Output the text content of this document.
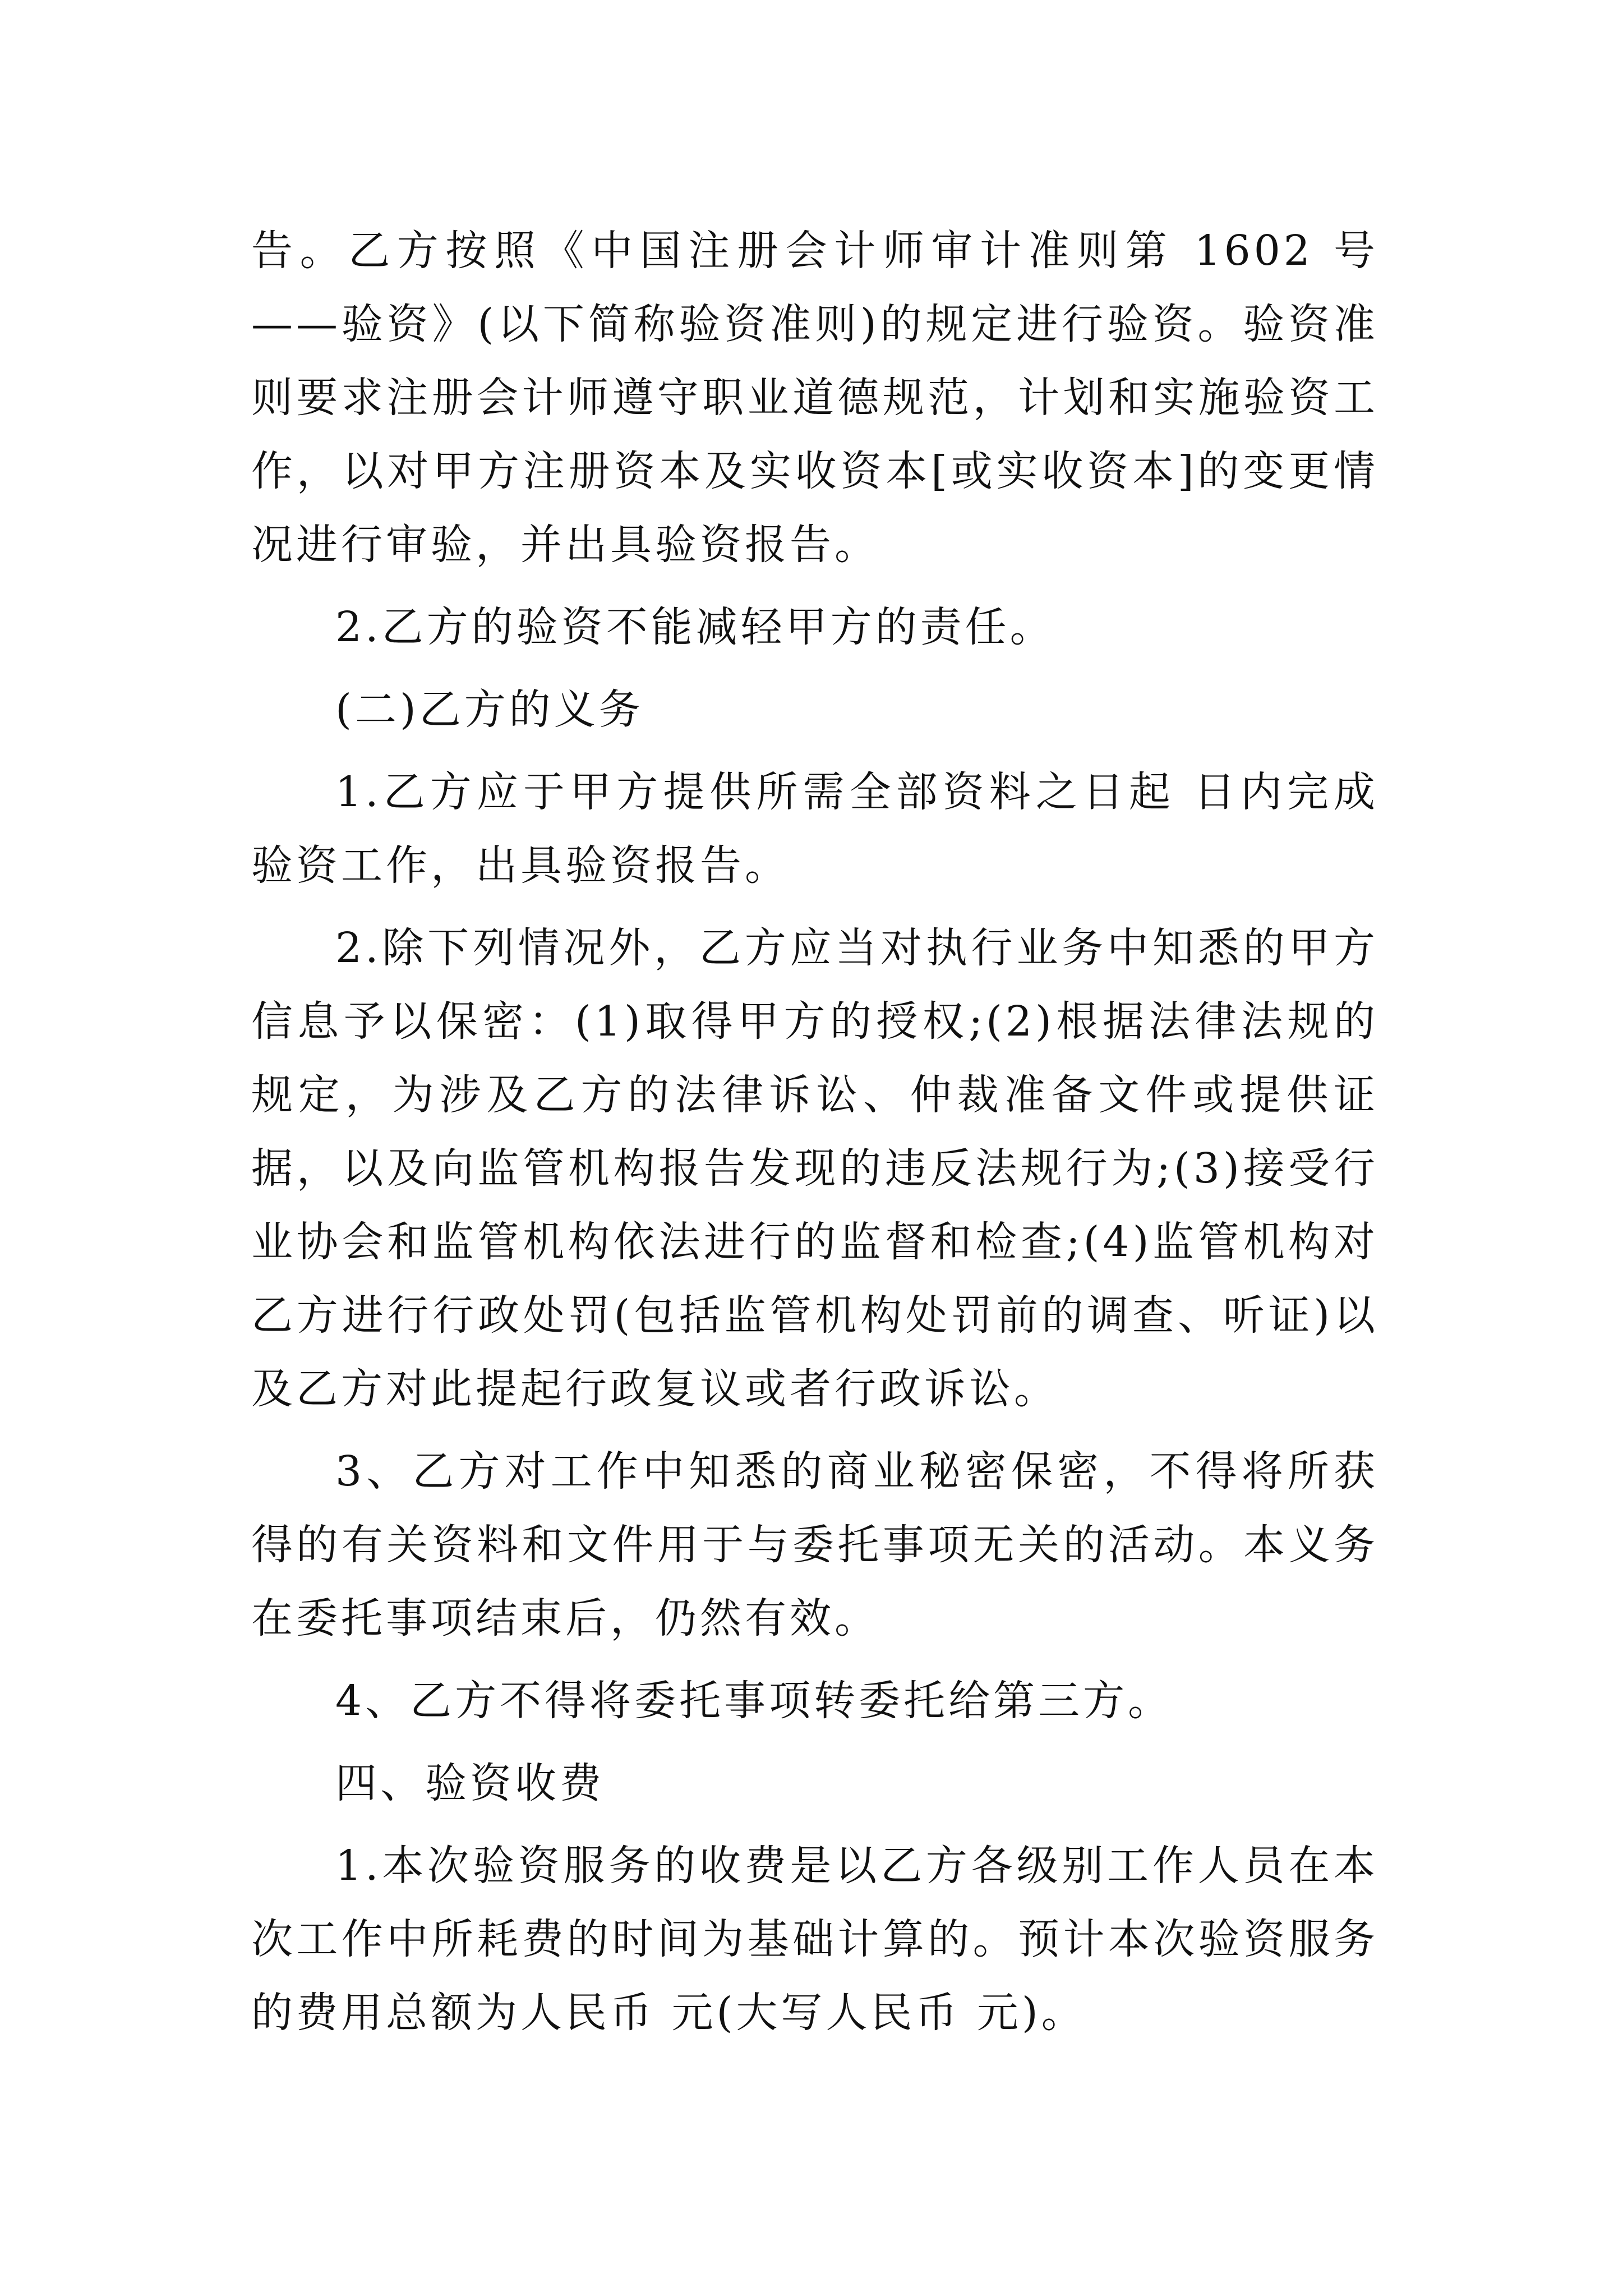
告。乙方按照《中国注册会计师审计准则第 1602 号——验资》(以下简称验资准则)的规定进行验资。验资准则要求注册会计师遵守职业道德规范，计划和实施验资工作，以对甲方注册资本及实收资本[或实收资本]的变更情况进行审验，并出具验资报告。

2.乙方的验资不能减轻甲方的责任。

(二)乙方的义务

1.乙方应于甲方提供所需全部资料之日起 日内完成验资工作，出具验资报告。

2.除下列情况外，乙方应当对执行业务中知悉的甲方信息予以保密：(1)取得甲方的授权;(2)根据法律法规的规定，为涉及乙方的法律诉讼、仲裁准备文件或提供证据，以及向监管机构报告发现的违反法规行为;(3)接受行业协会和监管机构依法进行的监督和检查;(4)监管机构对乙方进行行政处罚(包括监管机构处罚前的调查、听证)以及乙方对此提起行政复议或者行政诉讼。

3、乙方对工作中知悉的商业秘密保密，不得将所获得的有关资料和文件用于与委托事项无关的活动。本义务在委托事项结束后，仍然有效。

4、乙方不得将委托事项转委托给第三方。

四、验资收费

1.本次验资服务的收费是以乙方各级别工作人员在本次工作中所耗费的时间为基础计算的。预计本次验资服务的费用总额为人民币 元(大写人民币 元)。
